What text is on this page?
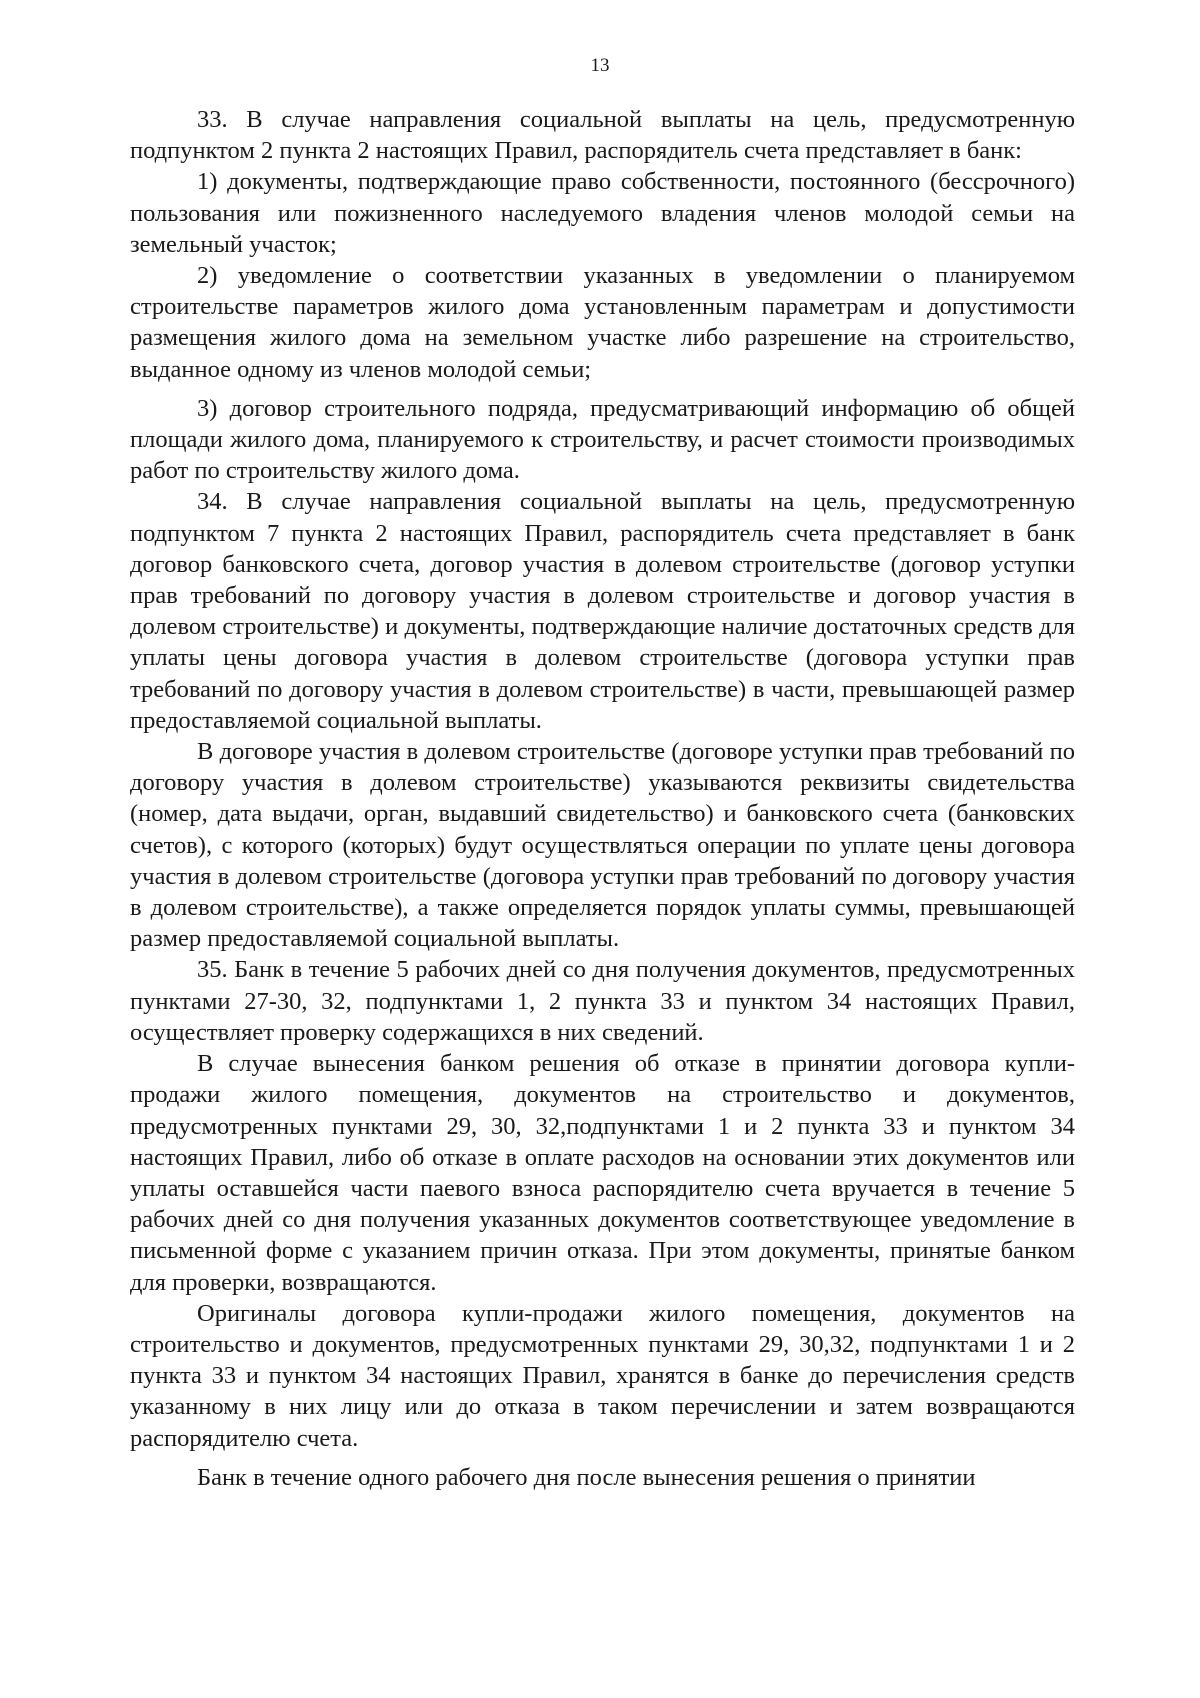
13

33. В случае направления социальной выплаты на цель, предусмотренную подпунктом 2 пункта 2 настоящих Правил, распорядитель счета представляет в банк:

1) документы, подтверждающие право собственности, постоянного (бессрочного) пользования или пожизненного наследуемого владения членов молодой семьи на земельный участок;

2) уведомление о соответствии указанных в уведомлении о планируемом строительстве параметров жилого дома установленным параметрам и допустимости размещения жилого дома на земельном участке либо разрешение на строительство, выданное одному из членов молодой семьи;

3) договор строительного подряда, предусматривающий информацию об общей площади жилого дома, планируемого к строительству, и расчет стоимости производимых работ по строительству жилого дома.

34. В случае направления социальной выплаты на цель, предусмотренную подпунктом 7 пункта 2 настоящих Правил, распорядитель счета представляет в банк договор банковского счета, договор участия в долевом строительстве (договор уступки прав требований по договору участия в долевом строительстве и договор участия в долевом строительстве) и документы, подтверждающие наличие достаточных средств для уплаты цены договора участия в долевом строительстве (договора уступки прав требований по договору участия в долевом строительстве) в части, превышающей размер предоставляемой социальной выплаты.

В договоре участия в долевом строительстве (договоре уступки прав требований по договору участия в долевом строительстве) указываются реквизиты свидетельства (номер, дата выдачи, орган, выдавший свидетельство) и банковского счета (банковских счетов), с которого (которых) будут осуществляться операции по уплате цены договора участия в долевом строительстве (договора уступки прав требований по договору участия в долевом строительстве), а также определяется порядок уплаты суммы, превышающей размер предоставляемой социальной выплаты.

35. Банк в течение 5 рабочих дней со дня получения документов, предусмотренных пунктами 27-30, 32, подпунктами 1, 2 пункта 33 и пунктом 34 настоящих Правил, осуществляет проверку содержащихся в них сведений.

В случае вынесения банком решения об отказе в принятии договора купли-продажи жилого помещения, документов на строительство и документов, предусмотренных пунктами 29, 30, 32,подпунктами 1 и 2 пункта 33 и пунктом 34 настоящих Правил, либо об отказе в оплате расходов на основании этих документов или уплаты оставшейся части паевого взноса распорядителю счета вручается в течение 5 рабочих дней со дня получения указанных документов соответствующее уведомление в письменной форме с указанием причин отказа. При этом документы, принятые банком для проверки, возвращаются.

Оригиналы договора купли-продажи жилого помещения, документов на строительство и документов, предусмотренных пунктами 29, 30,32, подпунктами 1 и 2 пункта 33 и пунктом 34 настоящих Правил, хранятся в банке до перечисления средств указанному в них лицу или до отказа в таком перечислении и затем возвращаются распорядителю счета.

Банк в течение одного рабочего дня после вынесения решения о принятии
